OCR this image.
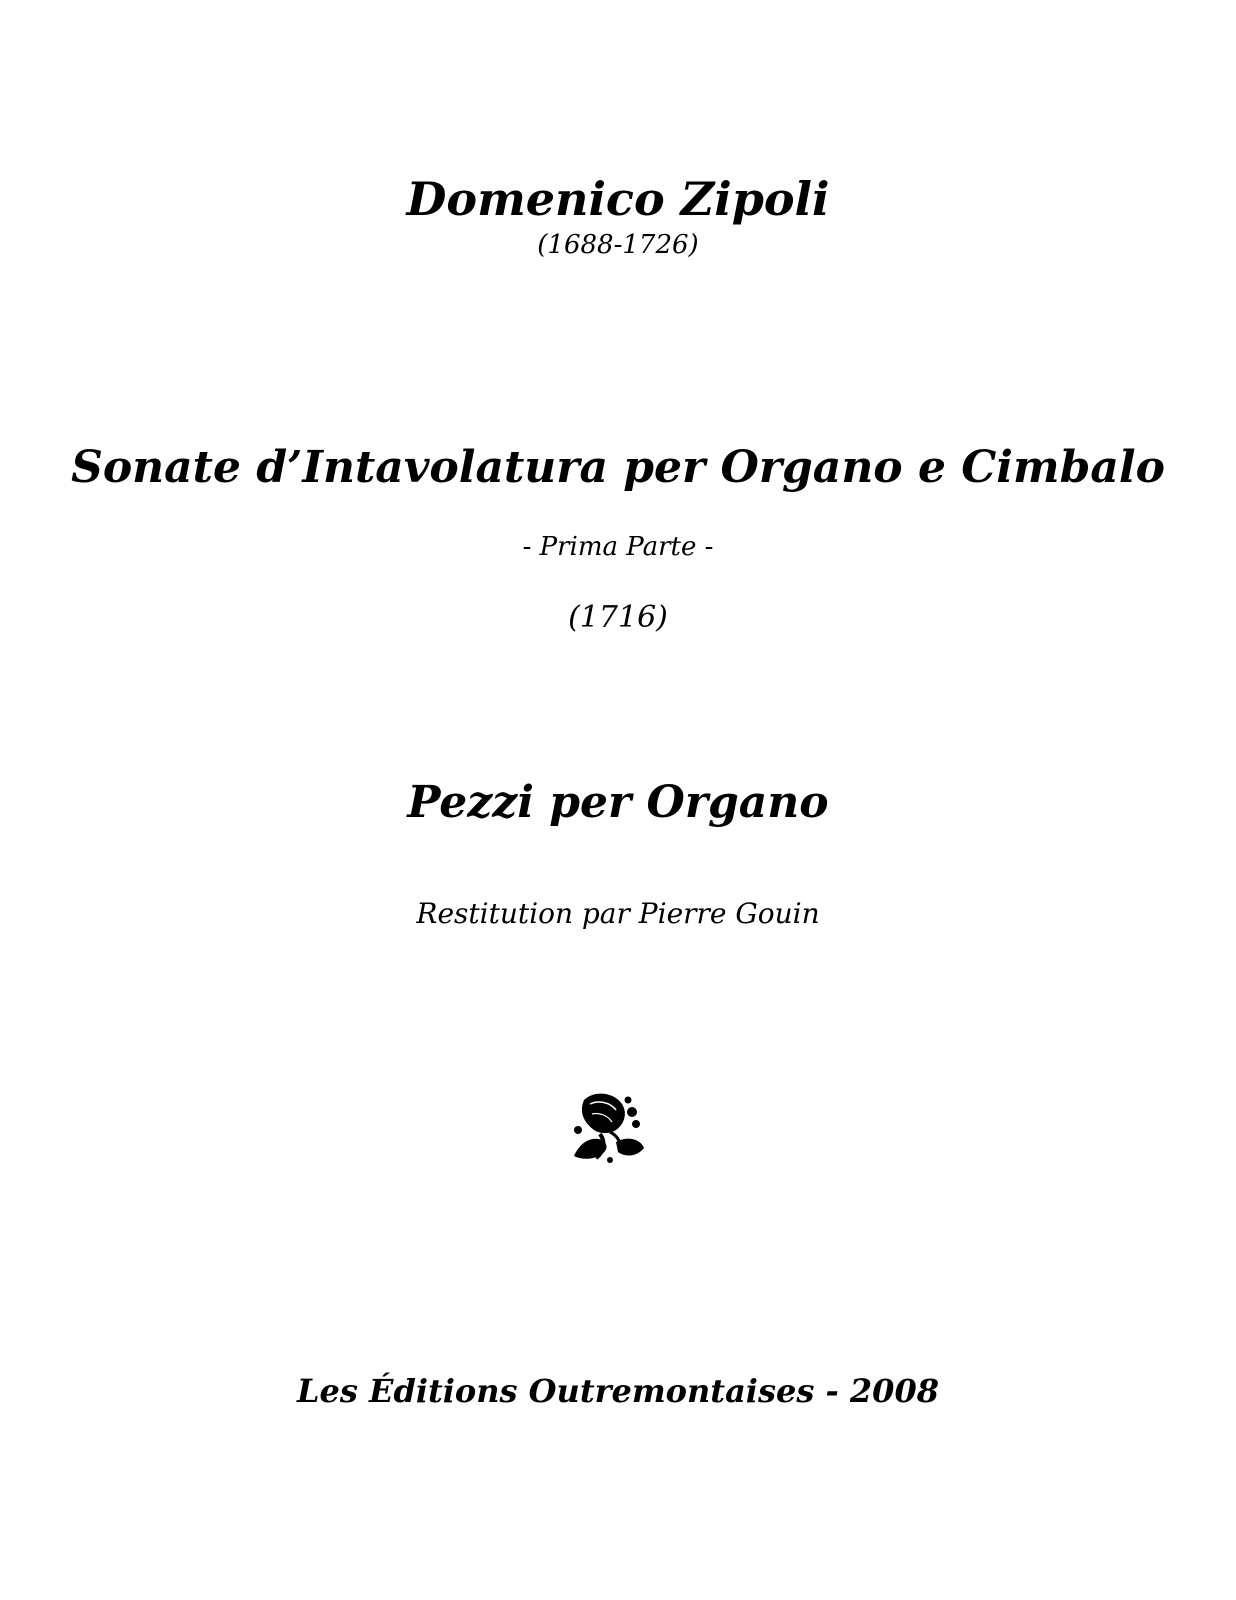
Domenico Zipoli
(1688-1726)
Sonate d’Intavolatura per Organo e Cimbalo
- Prima Parte -
(1716)
Pezzi per Organo
Restitution par Pierre Gouin
Les Éditions Outremontaises - 2008
